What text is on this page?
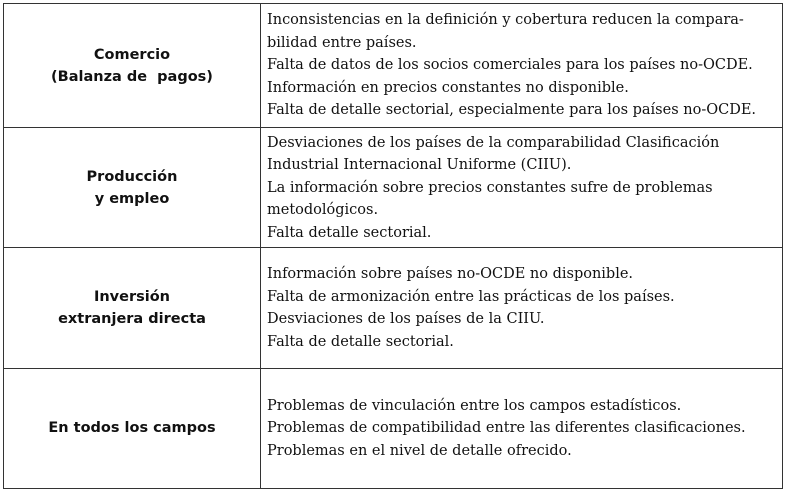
Comercio
(Balanza de  pagos)	Inconsistencias en la definición y cobertura reducen la compara-
bilidad entre países.
Falta de datos de los socios comerciales para los países no-OCDE.
Información en precios constantes no disponible.
Falta de detalle sectorial, especialmente para los países no-OCDE.

Producción
y empleo	Desviaciones de los países de la comparabilidad Clasificación
Industrial Internacional Uniforme (CIIU).
La información sobre precios constantes sufre de problemas
metodológicos.
Falta detalle sectorial.

Inversión
extranjera directa	Información sobre países no-OCDE no disponible.
Falta de armonización entre las prácticas de los países.
Desviaciones de los países de la CIIU.
Falta de detalle sectorial.

En todos los campos	Problemas de vinculación entre los campos estadísticos.
Problemas de compatibilidad entre las diferentes clasificaciones.
Problemas en el nivel de detalle ofrecido.
